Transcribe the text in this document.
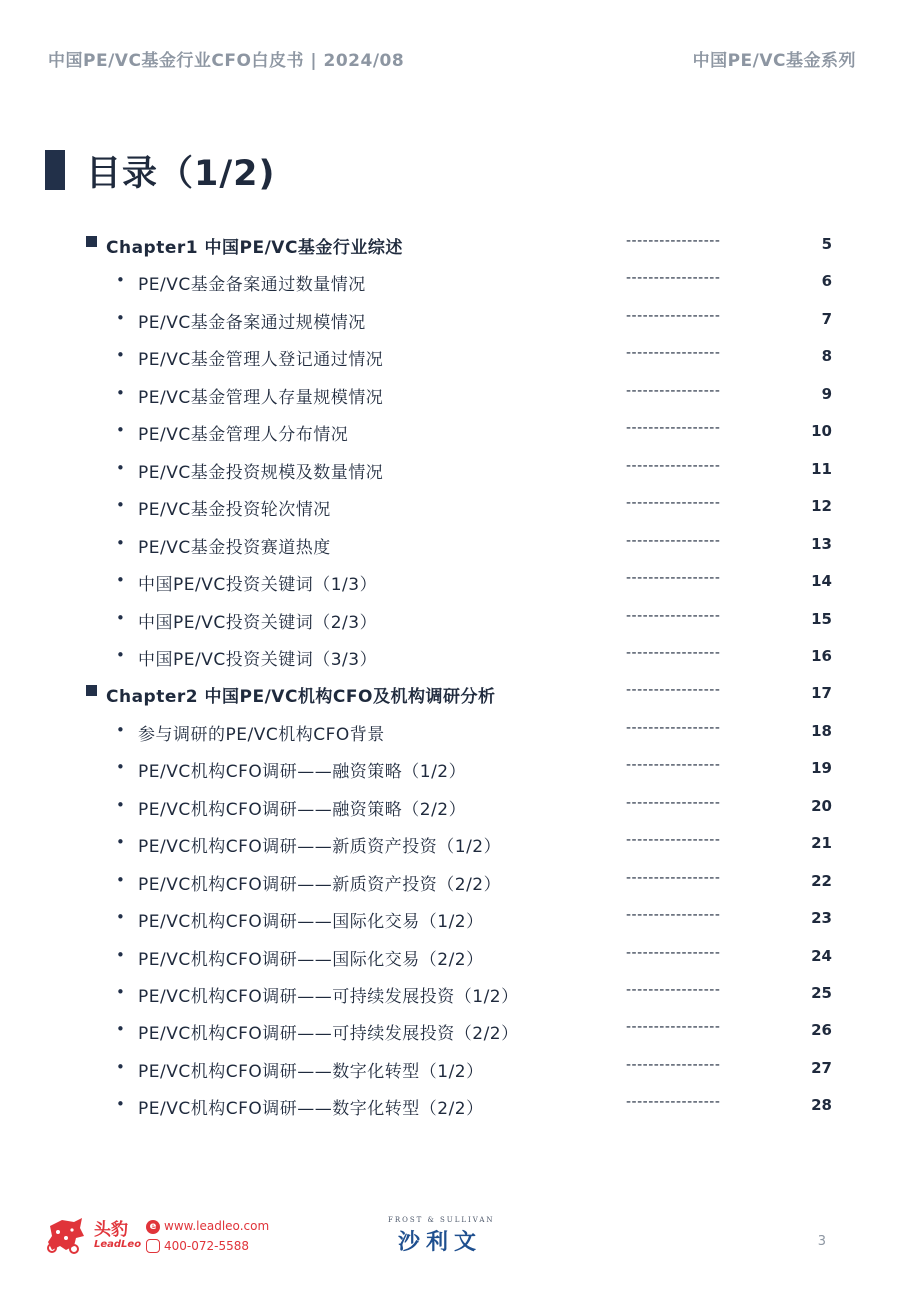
中国PE/VC基金行业CFO白皮书 | 2024/08	中国PE/VC基金系列
目录（1/2)
Chapter1 中国PE/VC基金行业综述	-----------------	5
• PE/VC基金备案通过数量情况	-----------------	6
• PE/VC基金备案通过规模情况	-----------------	7
• PE/VC基金管理人登记通过情况	-----------------	8
• PE/VC基金管理人存量规模情况	-----------------	9
• PE/VC基金管理人分布情况	-----------------	10
• PE/VC基金投资规模及数量情况	-----------------	11
• PE/VC基金投资轮次情况	-----------------	12
• PE/VC基金投资赛道热度	-----------------	13
• 中国PE/VC投资关键词（1/3）	-----------------	14
• 中国PE/VC投资关键词（2/3）	-----------------	15
• 中国PE/VC投资关键词（3/3）	-----------------	16
Chapter2 中国PE/VC机构CFO及机构调研分析	-----------------	17
• 参与调研的PE/VC机构CFO背景	-----------------	18
• PE/VC机构CFO调研——融资策略（1/2）	-----------------	19
• PE/VC机构CFO调研——融资策略（2/2）	-----------------	20
• PE/VC机构CFO调研——新质资产投资（1/2）	-----------------	21
• PE/VC机构CFO调研——新质资产投资（2/2）	-----------------	22
• PE/VC机构CFO调研——国际化交易（1/2）	-----------------	23
• PE/VC机构CFO调研——国际化交易（2/2）	-----------------	24
• PE/VC机构CFO调研——可持续发展投资（1/2）	-----------------	25
• PE/VC机构CFO调研——可持续发展投资（2/2）	-----------------	26
• PE/VC机构CFO调研——数字化转型（1/2）	-----------------	27
• PE/VC机构CFO调研——数字化转型（2/2）	-----------------	28
头豹
LeadLeo
e www.leadleo.com
400-072-5588
FROST & SULLIVAN
沙利文	3
